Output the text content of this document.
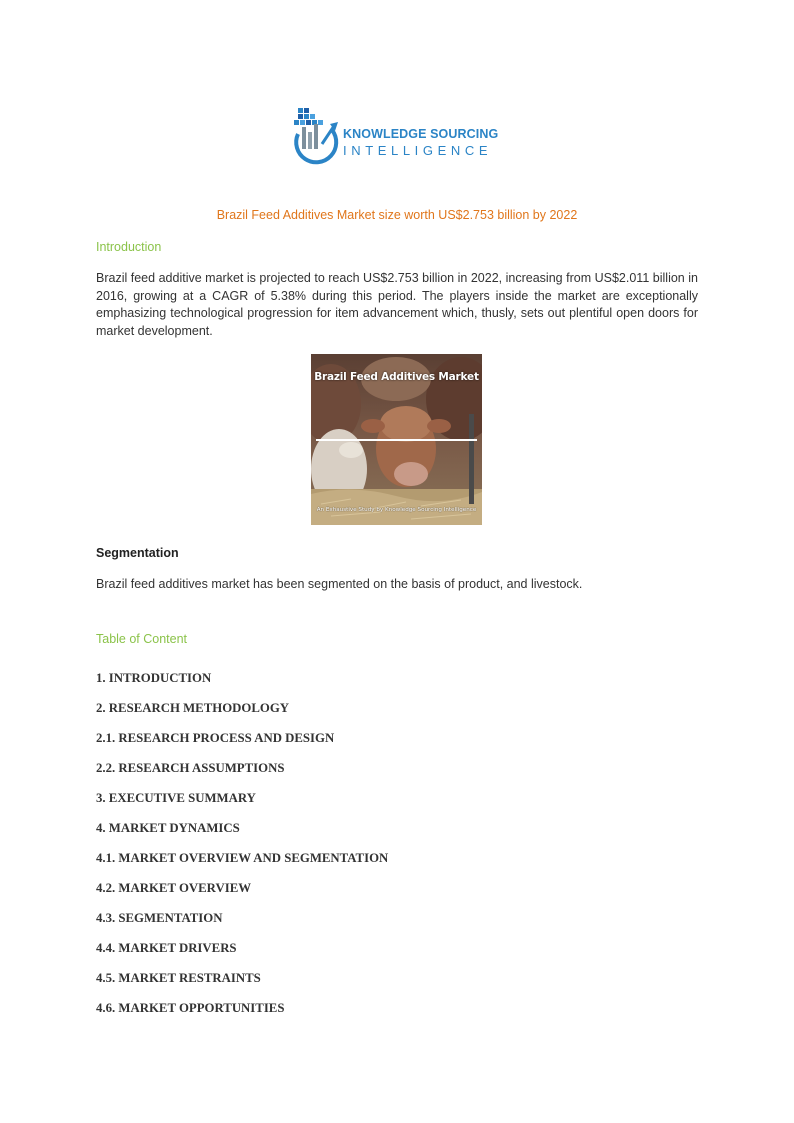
KNOWLEDGE SOURCING
INTELLIGENCE
Brazil Feed Additives Market size worth US$2.753 billion by 2022
Introduction

Brazil feed additive market is projected to reach US$2.753 billion in 2022, increasing from US$2.011 billion in 2016, growing at a CAGR of 5.38% during this period. The players inside the market are exceptionally emphasizing technological progression for item advancement which, thusly, sets out plentiful open doors for market development.

Brazil Feed Additives Market
An Exhaustive Study by Knowledge Sourcing Intelligence
Segmentation

Brazil feed additives market has been segmented on the basis of product, and livestock.

Table of Content
1. INTRODUCTION
2. RESEARCH METHODOLOGY
2.1. RESEARCH PROCESS AND DESIGN
2.2. RESEARCH ASSUMPTIONS
3. EXECUTIVE SUMMARY
4. MARKET DYNAMICS
4.1. MARKET OVERVIEW AND SEGMENTATION
4.2. MARKET OVERVIEW
4.3. SEGMENTATION
4.4. MARKET DRIVERS
4.5. MARKET RESTRAINTS
4.6. MARKET OPPORTUNITIES
